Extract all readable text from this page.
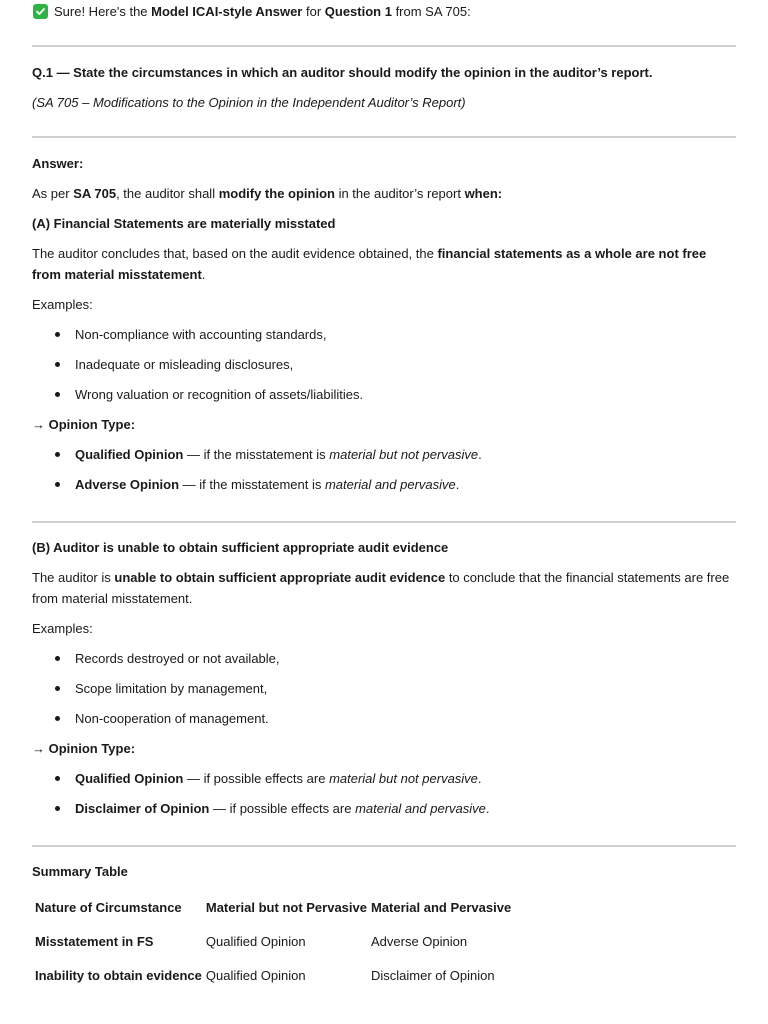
Sure! Here's the Model ICAI-style Answer for Question 1 from SA 705:

Q.1 — State the circumstances in which an auditor should modify the opinion in the auditor’s report.

(SA 705 – Modifications to the Opinion in the Independent Auditor’s Report)

Answer:

As per SA 705, the auditor shall modify the opinion in the auditor’s report when:

(A) Financial Statements are materially misstated

The auditor concludes that, based on the audit evidence obtained, the financial statements as a whole are not free from material misstatement.

Examples:

Non-compliance with accounting standards,
Inadequate or misleading disclosures,
Wrong valuation or recognition of assets/liabilities.

→ Opinion Type:

Qualified Opinion — if the misstatement is material but not pervasive.
Adverse Opinion — if the misstatement is material and pervasive.

(B) Auditor is unable to obtain sufficient appropriate audit evidence

The auditor is unable to obtain sufficient appropriate audit evidence to conclude that the financial statements are free from material misstatement.

Examples:

Records destroyed or not available,
Scope limitation by management,
Non-cooperation of management.

→ Opinion Type:

Qualified Opinion — if possible effects are material but not pervasive.
Disclaimer of Opinion — if possible effects are material and pervasive.

Summary Table

Nature of Circumstance	Material but not Pervasive	Material and Pervasive
Misstatement in FS	Qualified Opinion	Adverse Opinion
Inability to obtain evidence	Qualified Opinion	Disclaimer of Opinion
